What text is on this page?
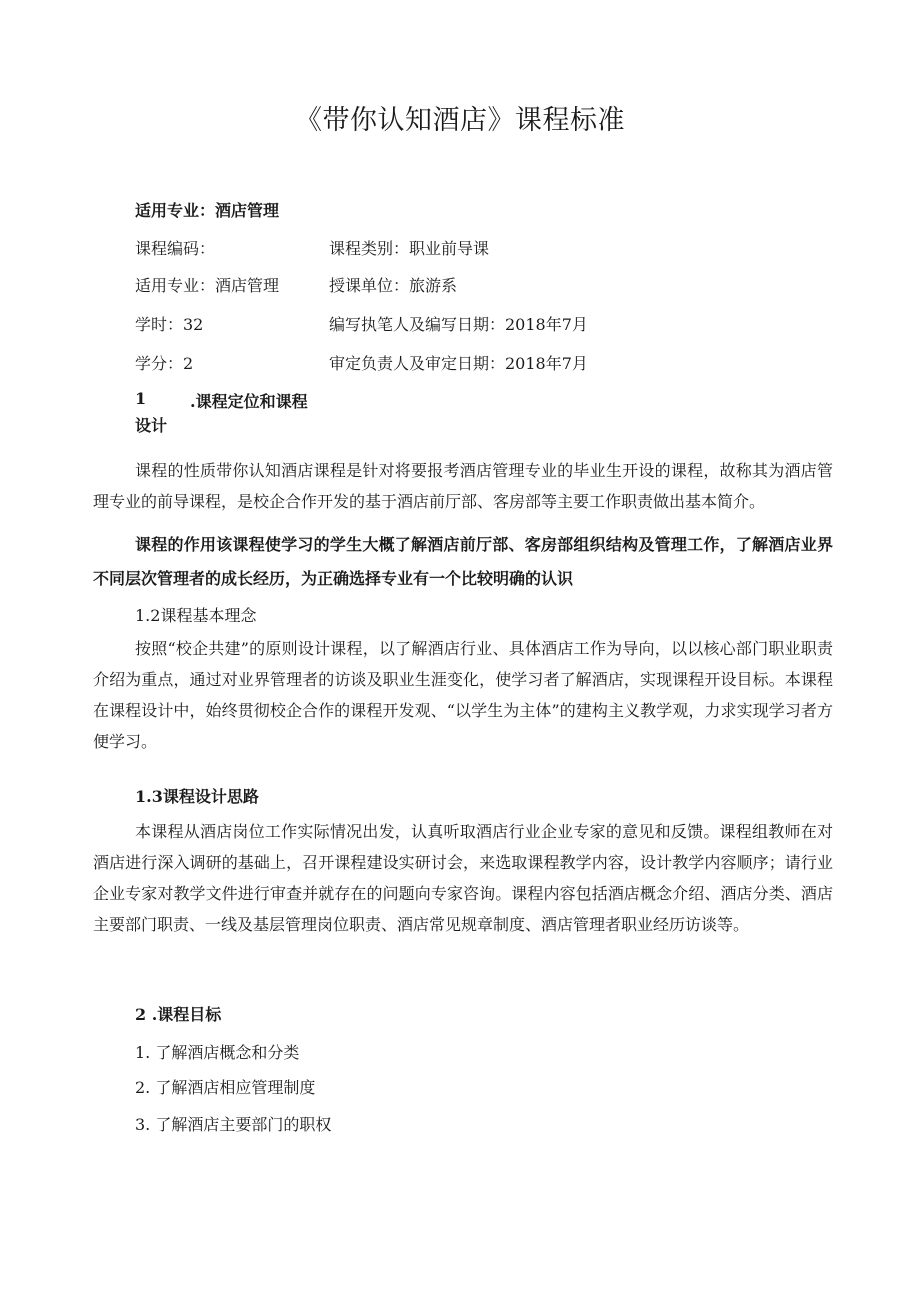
《带你认知酒店》课程标准
适用专业：酒店管理
课程编码：	课程类别：职业前导课
适用专业：酒店管理	授课单位：旅游系
学时：32	编写执笔人及编写日期：2018年7月
学分：2	审定负责人及审定日期：2018年7月
1	.课程定位和课程
设计
课程的性质带你认知酒店课程是针对将要报考酒店管理专业的毕业生开设的课程，故称其为酒店管理专业的前导课程，是校企合作开发的基于酒店前厅部、客房部等主要工作职责做出基本简介。
课程的作用该课程使学习的学生大概了解酒店前厅部、客房部组织结构及管理工作，了解酒店业界不同层次管理者的成长经历，为正确选择专业有一个比较明确的认识
1.2课程基本理念
按照“校企共建”的原则设计课程，以了解酒店行业、具体酒店工作为导向，以以核心部门职业职责介绍为重点，通过对业界管理者的访谈及职业生涯变化，使学习者了解酒店，实现课程开设目标。本课程在课程设计中，始终贯彻校企合作的课程开发观、“以学生为主体”的建构主义教学观，力求实现学习者方便学习。
1.3课程设计思路
本课程从酒店岗位工作实际情况出发，认真听取酒店行业企业专家的意见和反馈。课程组教师在对酒店进行深入调研的基础上，召开课程建设实研讨会，来选取课程教学内容，设计教学内容顺序；请行业企业专家对教学文件进行审查并就存在的问题向专家咨询。课程内容包括酒店概念介绍、酒店分类、酒店主要部门职责、一线及基层管理岗位职责、酒店常见规章制度、酒店管理者职业经历访谈等。
2 .课程目标
1. 了解酒店概念和分类
2. 了解酒店相应管理制度
3. 了解酒店主要部门的职权
